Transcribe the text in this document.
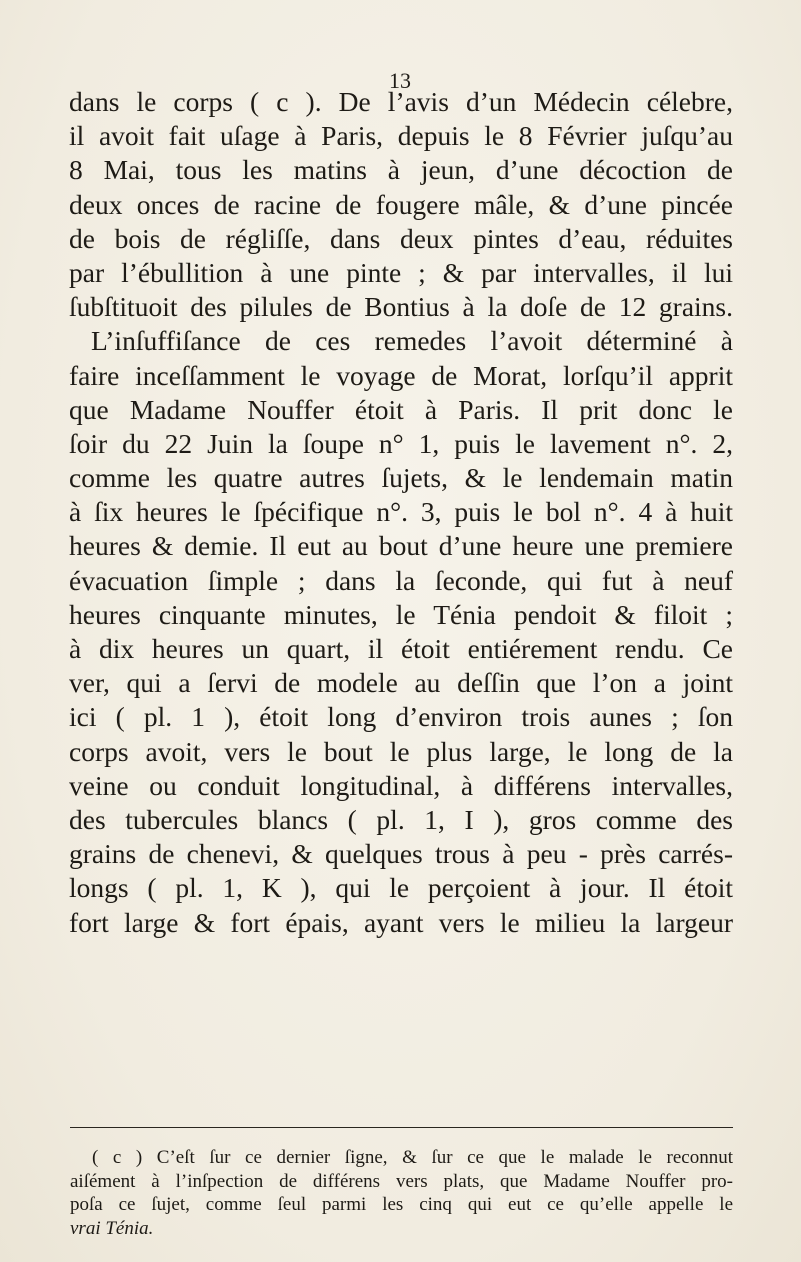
13
dans le corps ( c ). De l’avis d’un Médecin célebre,
il avoit fait uſage à Paris, depuis le 8 Février juſqu’au
8 Mai, tous les matins à jeun, d’une décoction de
deux onces de racine de fougere mâle, & d’une pincée
de bois de régliſſe, dans deux pintes d’eau, réduites
par l’ébullition à une pinte ; & par intervalles, il lui
ſubſtituoit des pilules de Bontius à la doſe de 12 grains.
L’inſuffiſance de ces remedes l’avoit déterminé à
faire inceſſamment le voyage de Morat, lorſqu’il apprit
que Madame Nouffer étoit à Paris. Il prit donc le
ſoir du 22 Juin la ſoupe n° 1, puis le lavement n°. 2,
comme les quatre autres ſujets, & le lendemain matin
à ſix heures le ſpécifique n°. 3, puis le bol n°. 4 à huit
heures & demie. Il eut au bout d’une heure une premiere
évacuation ſimple ; dans la ſeconde, qui fut à neuf
heures cinquante minutes, le Ténia pendoit & filoit ;
à dix heures un quart, il étoit entiérement rendu. Ce
ver, qui a ſervi de modele au deſſin que l’on a joint
ici ( pl. 1 ), étoit long d’environ trois aunes ; ſon
corps avoit, vers le bout le plus large, le long de la
veine ou conduit longitudinal, à différens intervalles,
des tubercules blancs ( pl. 1, I ), gros comme des
grains de chenevi, & quelques trous à peu - près carrés-
longs ( pl. 1, K ), qui le perçoient à jour. Il étoit
fort large & fort épais, ayant vers le milieu la largeur
( c ) C’eſt ſur ce dernier ſigne, & ſur ce que le malade le reconnut
aiſément à l’inſpection de différens vers plats, que Madame Nouffer pro-
poſa ce ſujet, comme ſeul parmi les cinq qui eut ce qu’elle appelle le
vrai Ténia.
